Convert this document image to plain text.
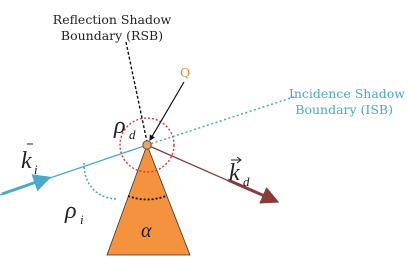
Reflection Shadow
Boundary (RSB)
Incidence Shadow
Boundary (ISB)
Q
ρ d
ρ i
k i	k d
α
